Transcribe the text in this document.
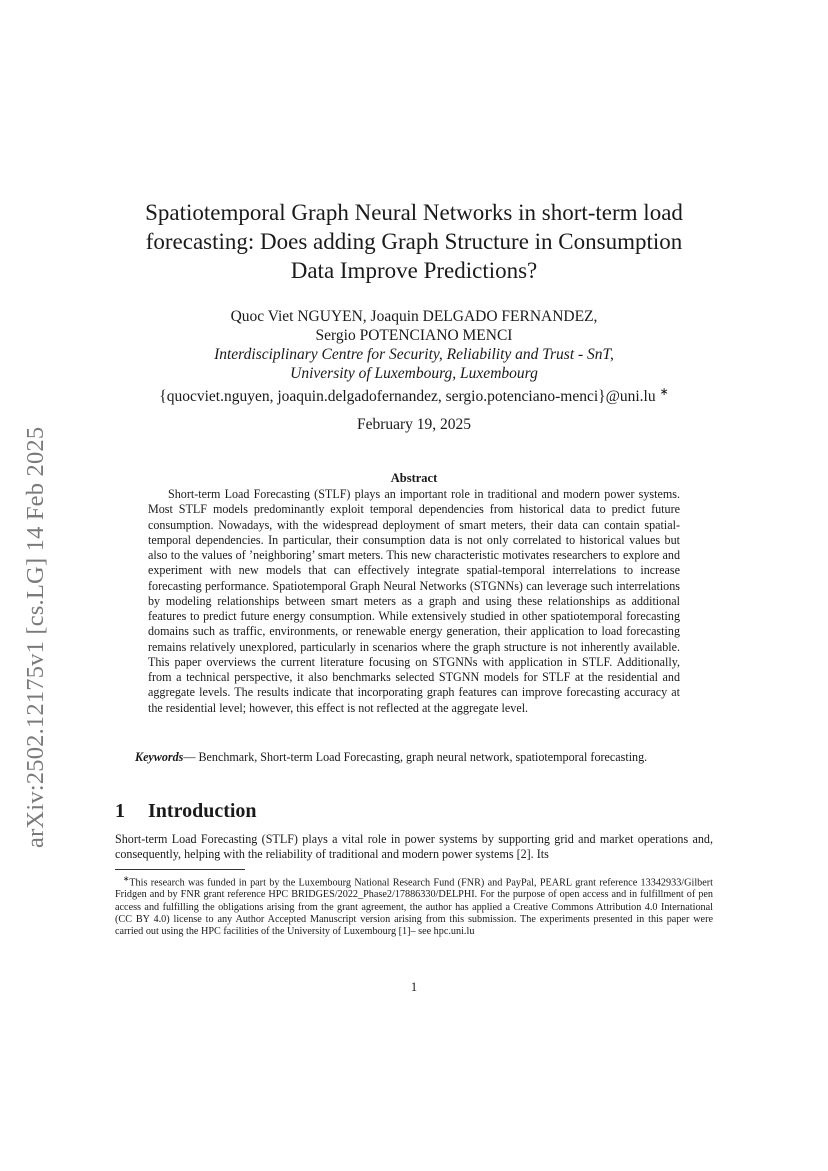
arXiv:2502.12175v1 [cs.LG] 14 Feb 2025
Spatiotemporal Graph Neural Networks in short-term load
forecasting: Does adding Graph Structure in Consumption
Data Improve Predictions?
Quoc Viet NGUYEN, Joaquin DELGADO FERNANDEZ,
Sergio POTENCIANO MENCI
Interdisciplinary Centre for Security, Reliability and Trust - SnT,
University of Luxembourg, Luxembourg
{quocviet.nguyen, joaquin.delgadofernandez, sergio.potenciano-menci}@uni.lu ∗
February 19, 2025
Abstract
Short-term Load Forecasting (STLF) plays an important role in traditional and modern power systems. Most STLF models predominantly exploit temporal dependencies from historical data to predict future consumption. Nowadays, with the widespread deployment of smart meters, their data can contain spatial-temporal dependencies. In particular, their consumption data is not only correlated to historical values but also to the values of ’neighboring’ smart meters. This new characteristic motivates researchers to explore and experiment with new models that can effectively integrate spatial-temporal interrelations to increase forecasting performance. Spatiotemporal Graph Neural Networks (STGNNs) can leverage such interrelations by modeling relationships between smart meters as a graph and using these relationships as additional features to predict future energy consumption. While extensively studied in other spatiotemporal forecasting domains such as traffic, environments, or renewable energy generation, their application to load forecasting remains relatively unexplored, particularly in scenarios where the graph structure is not inherently available. This paper overviews the current literature focusing on STGNNs with application in STLF. Additionally, from a technical perspective, it also benchmarks selected STGNN models for STLF at the residential and aggregate levels. The results indicate that incorporating graph features can improve forecasting accuracy at the residential level; however, this effect is not reflected at the aggregate level.
Keywords— Benchmark, Short-term Load Forecasting, graph neural network, spatiotemporal forecasting.
1 Introduction
Short-term Load Forecasting (STLF) plays a vital role in power systems by supporting grid and market operations and, consequently, helping with the reliability of traditional and modern power systems [2]. Its
∗This research was funded in part by the Luxembourg National Research Fund (FNR) and PayPal, PEARL grant reference 13342933/Gilbert Fridgen and by FNR grant reference HPC BRIDGES/2022_Phase2/17886330/DELPHI. For the purpose of open access and in fulfillment of pen access and fulfilling the obligations arising from the grant agreement, the author has applied a Creative Commons Attribution 4.0 International (CC BY 4.0) license to any Author Accepted Manuscript version arising from this submission. The experiments presented in this paper were carried out using the HPC facilities of the University of Luxembourg [1]– see hpc.uni.lu
1
